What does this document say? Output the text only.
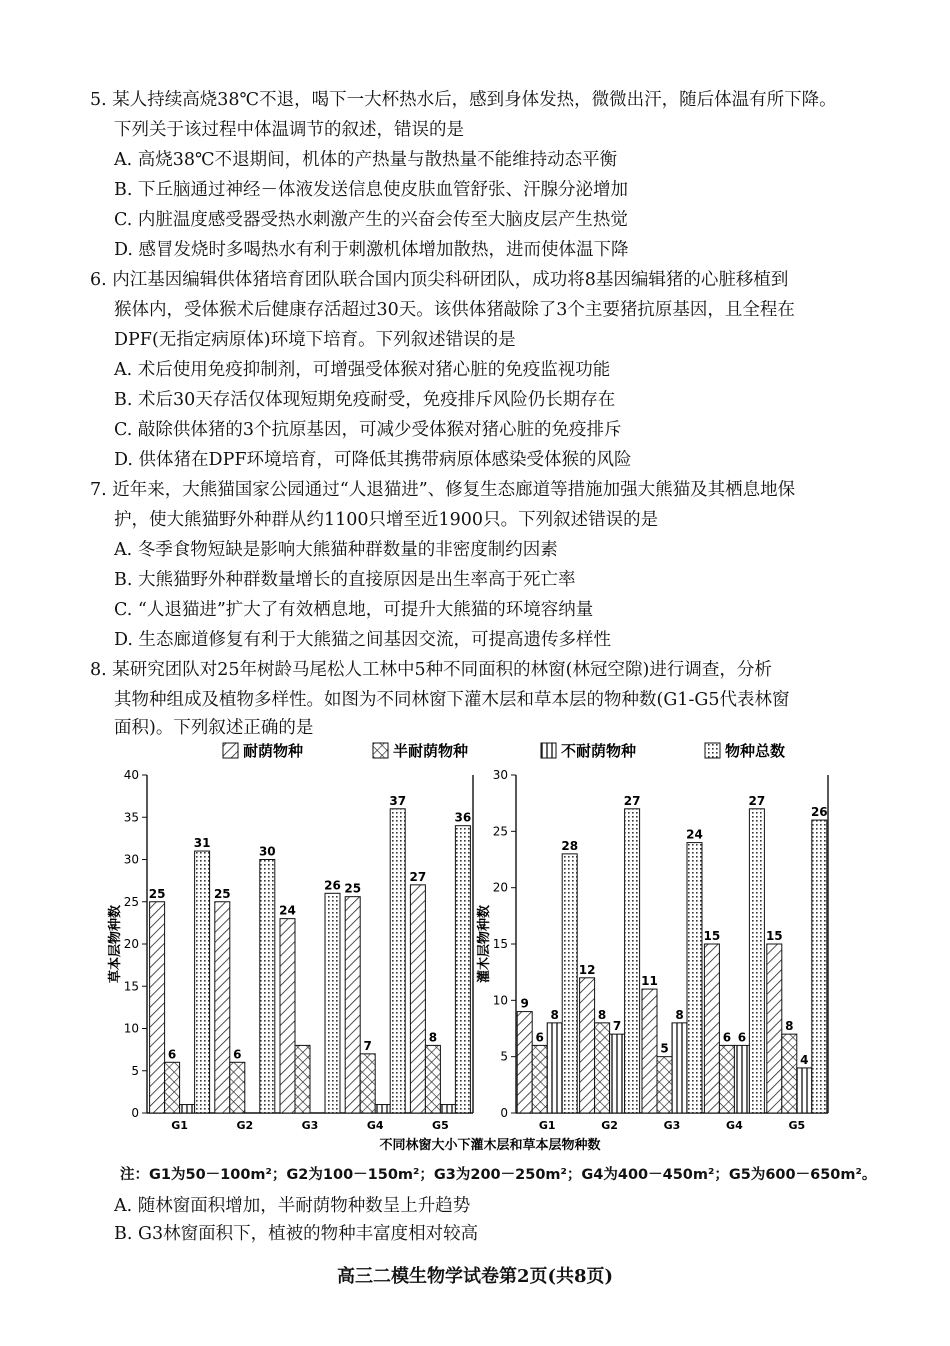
5. 某人持续高烧38℃不退，喝下一大杯热水后，感到身体发热，微微出汗，随后体温有所下降。
下列关于该过程中体温调节的叙述，错误的是
A. 高烧38℃不退期间，机体的产热量与散热量不能维持动态平衡
B. 下丘脑通过神经－体液发送信息使皮肤血管舒张、汗腺分泌增加
C. 内脏温度感受器受热水刺激产生的兴奋会传至大脑皮层产生热觉
D. 感冒发烧时多喝热水有利于刺激机体增加散热，进而使体温下降
6. 内江基因编辑供体猪培育团队联合国内顶尖科研团队，成功将8基因编辑猪的心脏移植到
猴体内，受体猴术后健康存活超过30天。该供体猪敲除了3个主要猪抗原基因，且全程在
DPF(无指定病原体)环境下培育。下列叙述错误的是
A. 术后使用免疫抑制剂，可增强受体猴对猪心脏的免疫监视功能
B. 术后30天存活仅体现短期免疫耐受，免疫排斥风险仍长期存在
C. 敲除供体猪的3个抗原基因，可减少受体猴对猪心脏的免疫排斥
D. 供体猪在DPF环境培育，可降低其携带病原体感染受体猴的风险
7. 近年来，大熊猫国家公园通过“人退猫进”、修复生态廊道等措施加强大熊猫及其栖息地保
护，使大熊猫野外种群从约1100只增至近1900只。下列叙述错误的是
A. 冬季食物短缺是影响大熊猫种群数量的非密度制约因素
B. 大熊猫野外种群数量增长的直接原因是出生率高于死亡率
C. “人退猫进”扩大了有效栖息地，可提升大熊猫的环境容纳量
D. 生态廊道修复有利于大熊猫之间基因交流，可提高遗传多样性
8. 某研究团队对25年树龄马尾松人工林中5种不同面积的林窗(林冠空隙)进行调查，分析
其物种组成及植物多样性。如图为不同林窗下灌木层和草本层的物种数(G1-G5代表林窗
面积)。下列叙述正确的是
耐荫物种	半耐荫物种	不耐荫物种	物种总数
0
5
10
15
20
25
30
35
40
草本层物种数
G1
25
6
31
G2
25
6
30
G3
24
26
G4
25
7
37
G5
27
8
36
0
5
10
15
20
25
30
灌木层物种数
G1
9
6
8
28
G2
12
8
7
27
G3
11
5
8
24
G4
15
6 6
27
G5
15
8
4
26
不同林窗大小下灌木层和草本层物种数
注：G1为50－100m²；G2为100－150m²；G3为200－250m²；G4为400－450m²；G5为600－650m²。
A. 随林窗面积增加，半耐荫物种数呈上升趋势
B. G3林窗面积下，植被的物种丰富度相对较高
高三二模生物学试卷第2页(共8页)
